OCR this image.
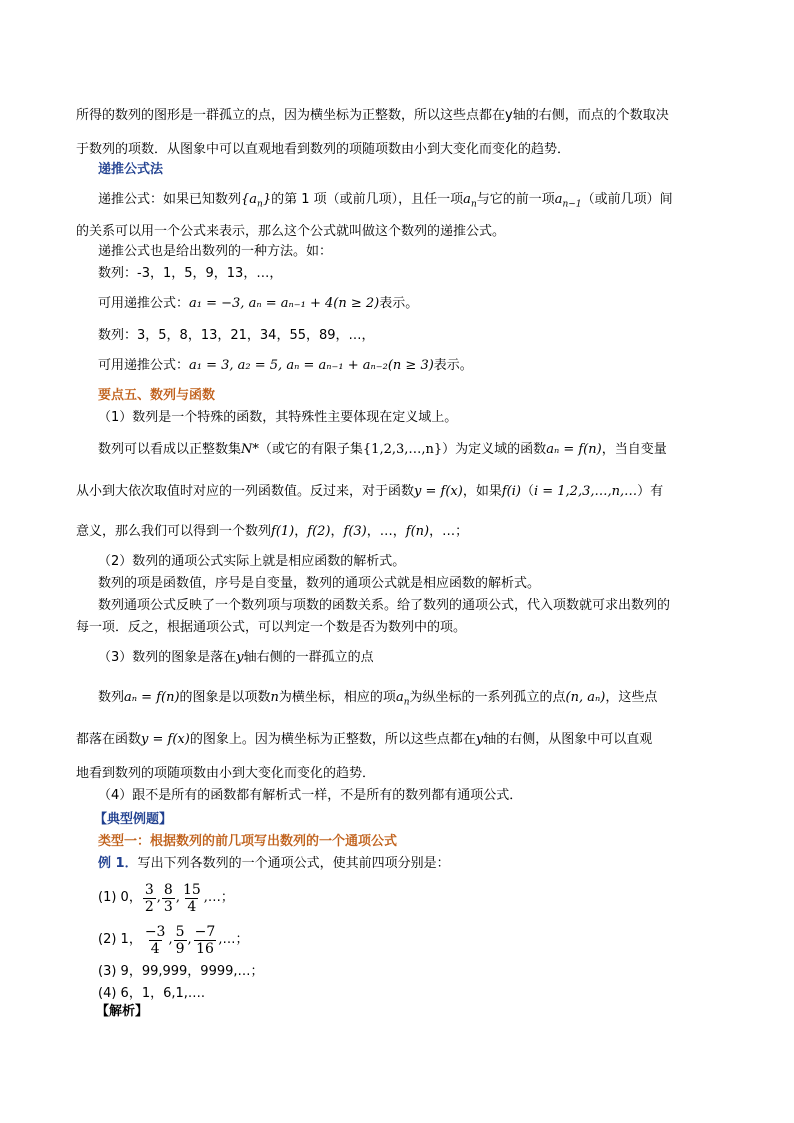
所得的数列的图形是一群孤立的点，因为横坐标为正整数，所以这些点都在y轴的右侧，而点的个数取决
于数列的项数．从图象中可以直观地看到数列的项随项数由小到大变化而变化的趋势．
递推公式法
递推公式：如果已知数列$\{a_n\}$的第 1 项（或前几项），且任一项$a_n$与它的前一项$a_{n-1}$（或前几项）间
的关系可以用一个公式来表示，那么这个公式就叫做这个数列的递推公式。
递推公式也是给出数列的一种方法。如：
数列：-3，1，5，9，13，…，
可用递推公式：a₁ = −3, aₙ = aₙ₋₁ + 4(n ≥ 2)表示。
数列：3，5，8，13，21，34，55，89，…，
可用递推公式：a₁ = 3, a₂ = 5, aₙ = aₙ₋₁ + aₙ₋₂(n ≥ 3)表示。
要点五、数列与函数
（1）数列是一个特殊的函数，其特殊性主要体现在定义域上。
数列可以看成以正整数集N*（或它的有限子集{1,2,3,…,n}）为定义域的函数aₙ = f(n)，当自变量
从小到大依次取值时对应的一列函数值。反过来，对于函数y = f(x)，如果f(i)（i = 1,2,3,…,n,…）有
意义，那么我们可以得到一个数列f(1)，f(2)，f(3)，…，f(n)，…；
（2）数列的通项公式实际上就是相应函数的解析式。
数列的项是函数值，序号是自变量，数列的通项公式就是相应函数的解析式。
数列通项公式反映了一个数列项与项数的函数关系。给了数列的通项公式，代入项数就可求出数列的
每一项．反之，根据通项公式，可以判定一个数是否为数列中的项。
（3）数列的图象是落在y轴右侧的一群孤立的点
数列aₙ = f(n)的图象是以项数n为横坐标，相应的项$a_n$为纵坐标的一系列孤立的点(n, aₙ)，这些点
都落在函数y = f(x)的图象上。因为横坐标为正整数，所以这些点都在y轴的右侧，从图象中可以直观
地看到数列的项随项数由小到大变化而变化的趋势．
（4）跟不是所有的函数都有解析式一样，不是所有的数列都有通项公式．
【典型例题】
类型一：根据数列的前几项写出数列的一个通项公式
例 1．写出下列各数列的一个通项公式，使其前四项分别是：
(1) 0， $\frac{3}{2}$ , $\frac{8}{3}$ , $\frac{15}{4}$ , …；
(2) 1， $\frac{-3}{4}$ , $\frac{5}{9}$ , $\frac{-7}{16}$ , …；
(3) 9，99,999，9999,…；
(4) 6，1，6,1,….
【解析】
